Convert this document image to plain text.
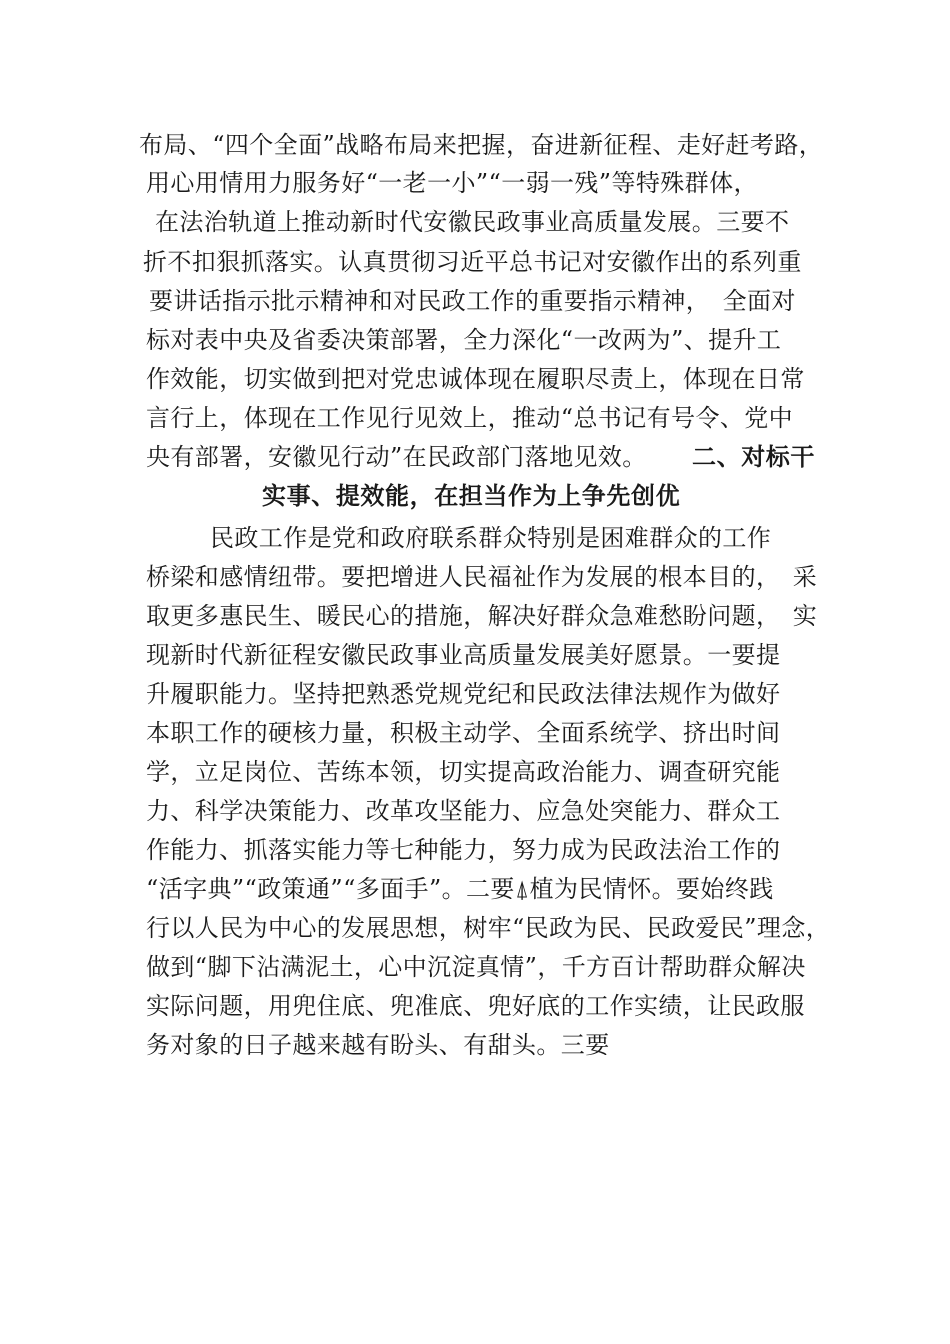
布局、“四个全面”战略布局来把握，奋进新征程、走好赶考路，
用心用情用力服务好“一老一小”“一弱一残”等特殊群体，
在法治轨道上推动新时代安徽民政事业高质量发展。三要不
折不扣狠抓落实。认真贯彻习近平总书记对安徽作出的系列重
要讲话指示批示精神和对民政工作的重要指示精神，　全面对
标对表中央及省委决策部署，全力深化“一改两为”、提升工
作效能，切实做到把对党忠诚体现在履职尽责上，体现在日常
言行上，体现在工作见行见效上，推动“总书记有号令、党中
央有部署，安徽见行动”在民政部门落地见效。 二、对标干
实事、提效能，在担当作为上争先创优
民政工作是党和政府联系群众特别是困难群众的工作
桥梁和感情纽带。要把增进人民福祉作为发展的根本目的，　采
取更多惠民生、暖民心的措施，解决好群众急难愁盼问题，　实
现新时代新征程安徽民政事业高质量发展美好愿景。一要提
升履职能力。坚持把熟悉党规党纪和民政法律法规作为做好
本职工作的硬核力量，积极主动学、全面系统学、挤出时间
学，立足岗位、苦练本领，切实提高政治能力、调查研究能
力、科学决策能力、改革攻坚能力、应急处突能力、群众工
作能力、抓落实能力等七种能力，努力成为民政法治工作的
“活字典”“政策通”“多面手”。二要⍋植为民情怀。要始终践
行以人民为中心的发展思想，树牢“民政为民、民政爱民”理念，
做到“脚下沾满泥土，心中沉淀真情”，千方百计帮助群众解决
实际问题，用兜住底、兜准底、兜好底的工作实绩，让民政服
务对象的日子越来越有盼头、有甜头。三要
